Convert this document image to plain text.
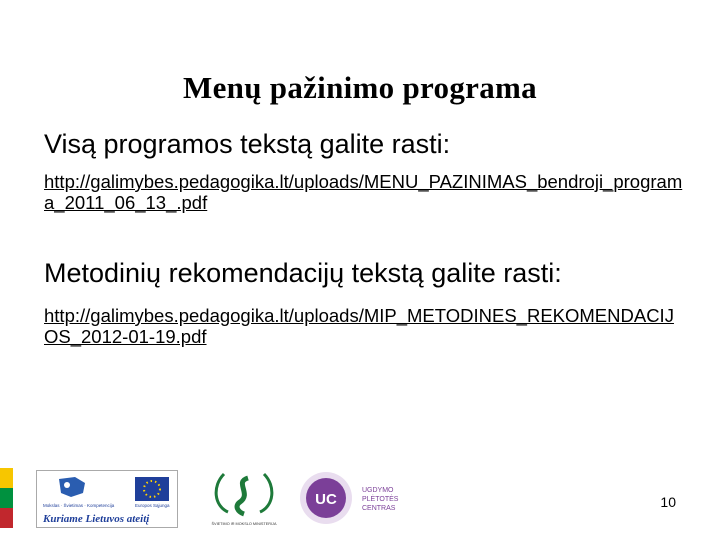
Menų pažinimo programa
Visą programos tekstą galite rasti:
http://galimybes.pedagogika.lt/uploads/MENU_PAZINIMAS_bendroji_programa_2011_06_13_.pdf
Metodinių rekomendacijų tekstą galite rasti:
http://galimybes.pedagogika.lt/uploads/MIP_METODINES_REKOMENDACIJOS_2012-01-19.pdf
Mokslas · Švietimas · Kompetencija	Europos Sąjunga
Kuriame Lietuvos ateitį	ŠVIETIMO IR MOKSLO MINISTERIJA
UC
UGDYMO
PLĖTOTĖS
CENTRAS	10
